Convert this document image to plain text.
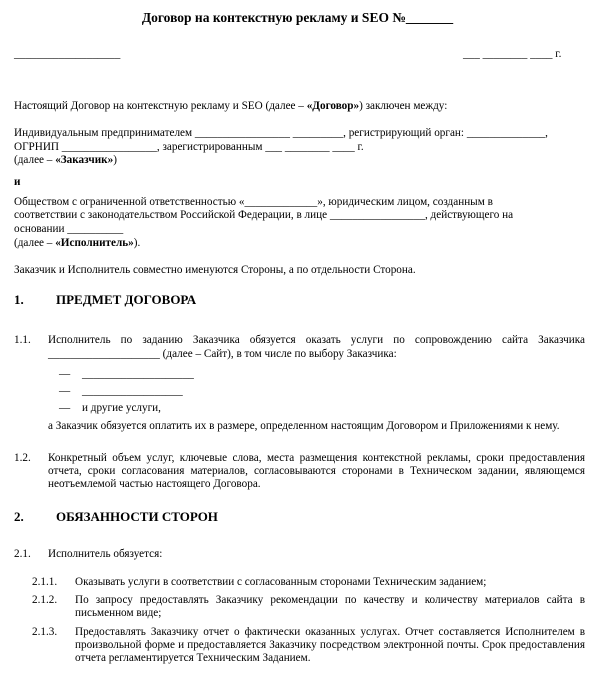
Договор на контекстную рекламу и SEO №_______
___________________	___ ________ ____ г.
Настоящий Договор на контекстную рекламу и SEO (далее – «Договор») заключен между:
Индивидуальным предпринимателем _________________ _________, регистрирующий орган: ______________,
ОГРНИП _________________, зарегистрированным ___ ________ ____ г.
(далее – «Заказчик»)
и
Обществом с ограниченной ответственностью «_____________», юридическим лицом, созданным в
соответствии с законодательством Российской Федерации, в лице _________________, действующего на
основании __________
(далее – «Исполнитель»).
Заказчик и Исполнитель совместно именуются Стороны, а по отдельности Сторона.
1. ПРЕДМЕТ ДОГОВОРА
1.1. Исполнитель по заданию Заказчика обязуется оказать услуги по сопровождению сайта Заказчика
____________________ (далее – Сайт), в том числе по выбору Заказчика:
— ____________________
— __________________
— и другие услуги,
а Заказчик обязуется оплатить их в размере, определенном настоящим Договором и Приложениями к нему.
1.2. Конкретный объем услуг, ключевые слова, места размещения контекстной рекламы, сроки предоставления отчета, сроки согласования материалов, согласовываются сторонами в Техническом задании, являющемся неотъемлемой частью настоящего Договора.
2. ОБЯЗАННОСТИ СТОРОН
2.1. Исполнитель обязуется:
2.1.1. Оказывать услуги в соответствии с согласованным сторонами Техническим заданием;
2.1.2. По запросу предоставлять Заказчику рекомендации по качеству и количеству материалов сайта в письменном виде;
2.1.3. Предоставлять Заказчику отчет о фактически оказанных услугах. Отчет составляется Исполнителем в произвольной форме и предоставляется Заказчику посредством электронной почты. Срок предоставления отчета регламентируется Техническим Заданием.
